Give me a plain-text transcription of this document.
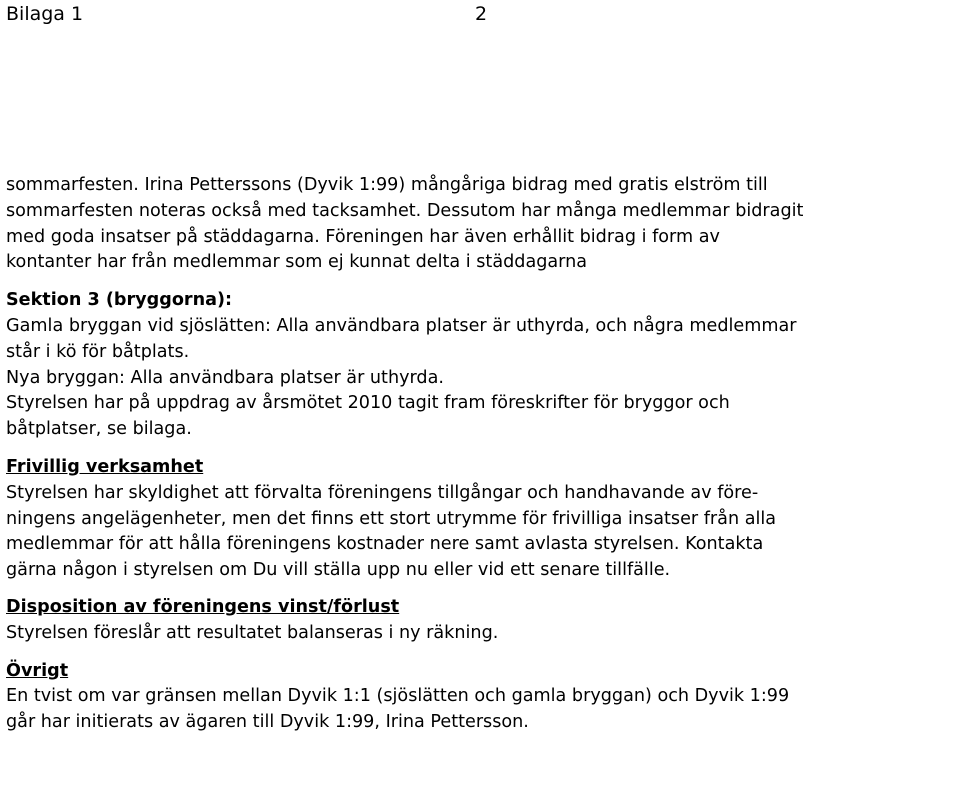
Bilaga 1	2
sommarfesten. Irina Petterssons (Dyvik 1:99) mångåriga bidrag med gratis elström till
sommarfesten noteras också med tacksamhet. Dessutom har många medlemmar bidragit
med goda insatser på städdagarna. Föreningen har även erhållit bidrag i form av
kontanter har från medlemmar som ej kunnat delta i städdagarna
Sektion 3 (bryggorna):
Gamla bryggan vid sjöslätten: Alla användbara platser är uthyrda, och några medlemmar
står i kö för båtplats.
Nya bryggan: Alla användbara platser är uthyrda.
Styrelsen har på uppdrag av årsmötet 2010 tagit fram föreskrifter för bryggor och
båtplatser, se bilaga.
Frivillig verksamhet
Styrelsen har skyldighet att förvalta föreningens tillgångar och handhavande av före-
ningens angelägenheter, men det finns ett stort utrymme för frivilliga insatser från alla
medlemmar för att hålla föreningens kostnader nere samt avlasta styrelsen. Kontakta
gärna någon i styrelsen om Du vill ställa upp nu eller vid ett senare tillfälle.
Disposition av föreningens vinst/förlust
Styrelsen föreslår att resultatet balanseras i ny räkning.
Övrigt
En tvist om var gränsen mellan Dyvik 1:1 (sjöslätten och gamla bryggan) och Dyvik 1:99
går har initierats av ägaren till Dyvik 1:99, Irina Pettersson.
